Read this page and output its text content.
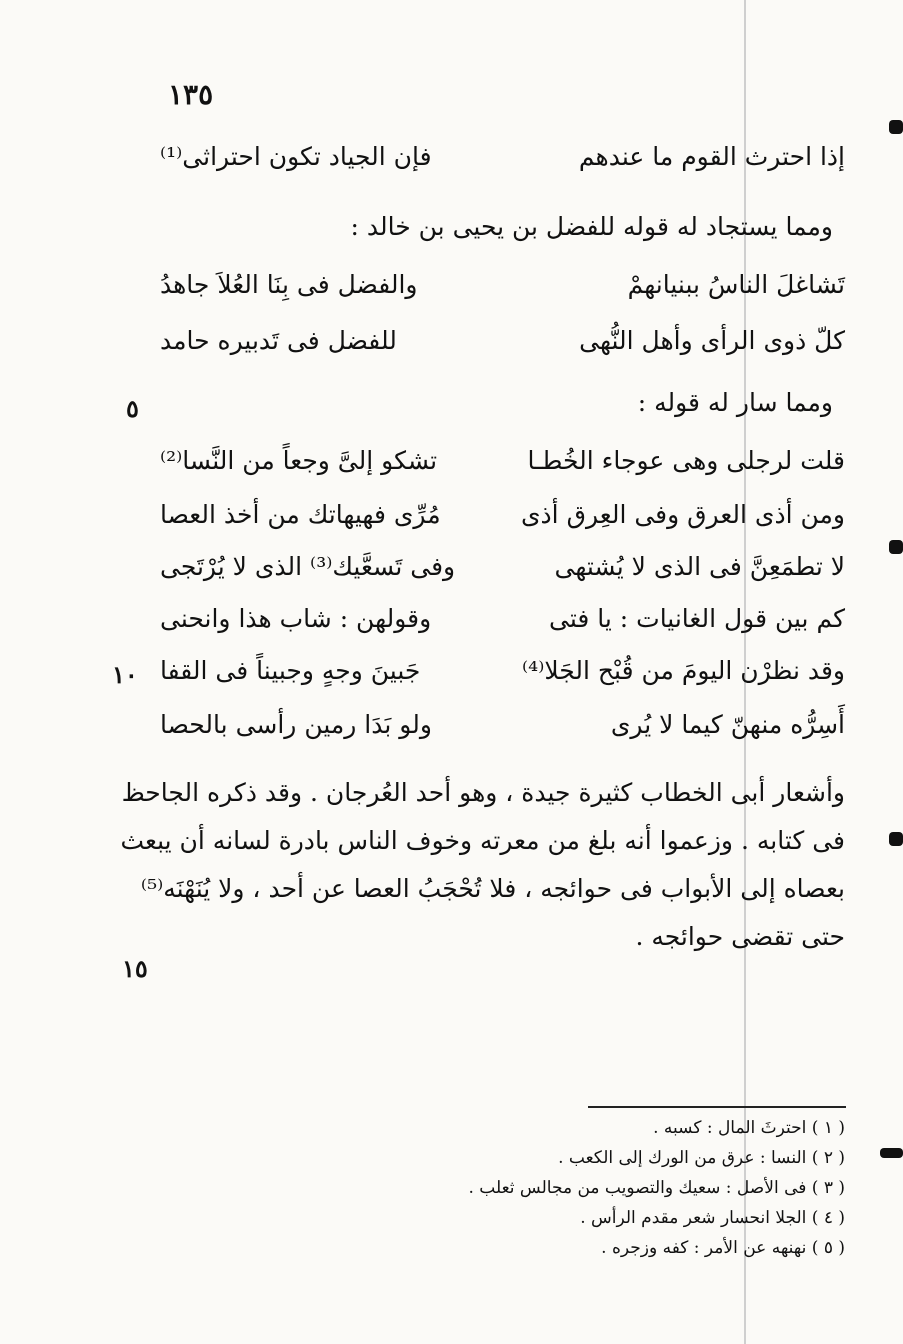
١٣٥
إذا احترث القوم ما عندهم
فإن الجياد تكون احتراثى⁽¹⁾
ومما يستجاد له قوله للفضل بن يحيى بن خالد :
تَشاغلَ الناسُ ببنيانهمْ
والفضل فى بِنَا العُلاَ جاهدُ
كلّ ذوى الرأى وأهل النُّهى
للفضل فى تَدبيره حامد
٥	ومما سار له قوله :
قلت لرجلى وهى عوجاء الخُطـا
تشكو إلىَّ وجعاً من النَّسا⁽²⁾
ومن أذى العرق وفى العِرق أذى
مُرِّى فهيهاتك من أخذ العصا
لا تطمَعِنَّ فى الذى لا يُشتهى
وفى تَسعَّيك⁽³⁾ الذى لا يُرْتَجى
كم بين قول الغانيات : يا فتى
وقولهن : شاب هذا وانحنى
١٠	وقد نظرْن اليومَ من قُبْح الجَلا⁽⁴⁾
جَبينَ وجهٍ وجبيناً فى القفا
أَسِرُّه منهنّ كيما لا يُرى
ولو بَدَا رمين رأسى بالحصا
وأشعار أبى الخطاب كثيرة جيدة ، وهو أحد العُرجان . وقد ذكره الجاحظ
فى كتابه . وزعموا أنه بلغ من معرته وخوف الناس بادرة لسانه أن يبعث
بعصاه إلى الأبواب فى حوائجه ، فلا تُحْجَبُ العصا عن أحد ، ولا يُنَهْنَه⁽⁵⁾
حتى تقضى حوائجه .
١٥
( ١ ) احترثَ المال : كسبه .
( ٢ ) النسا : عرق من الورك إلى الكعب .
( ٣ ) فى الأصل : سعيك والتصويب من مجالس ثعلب .
( ٤ ) الجلا انحسار شعر مقدم الرأس .
( ٥ ) نهنهه عن الأمر : كفه وزجره .
